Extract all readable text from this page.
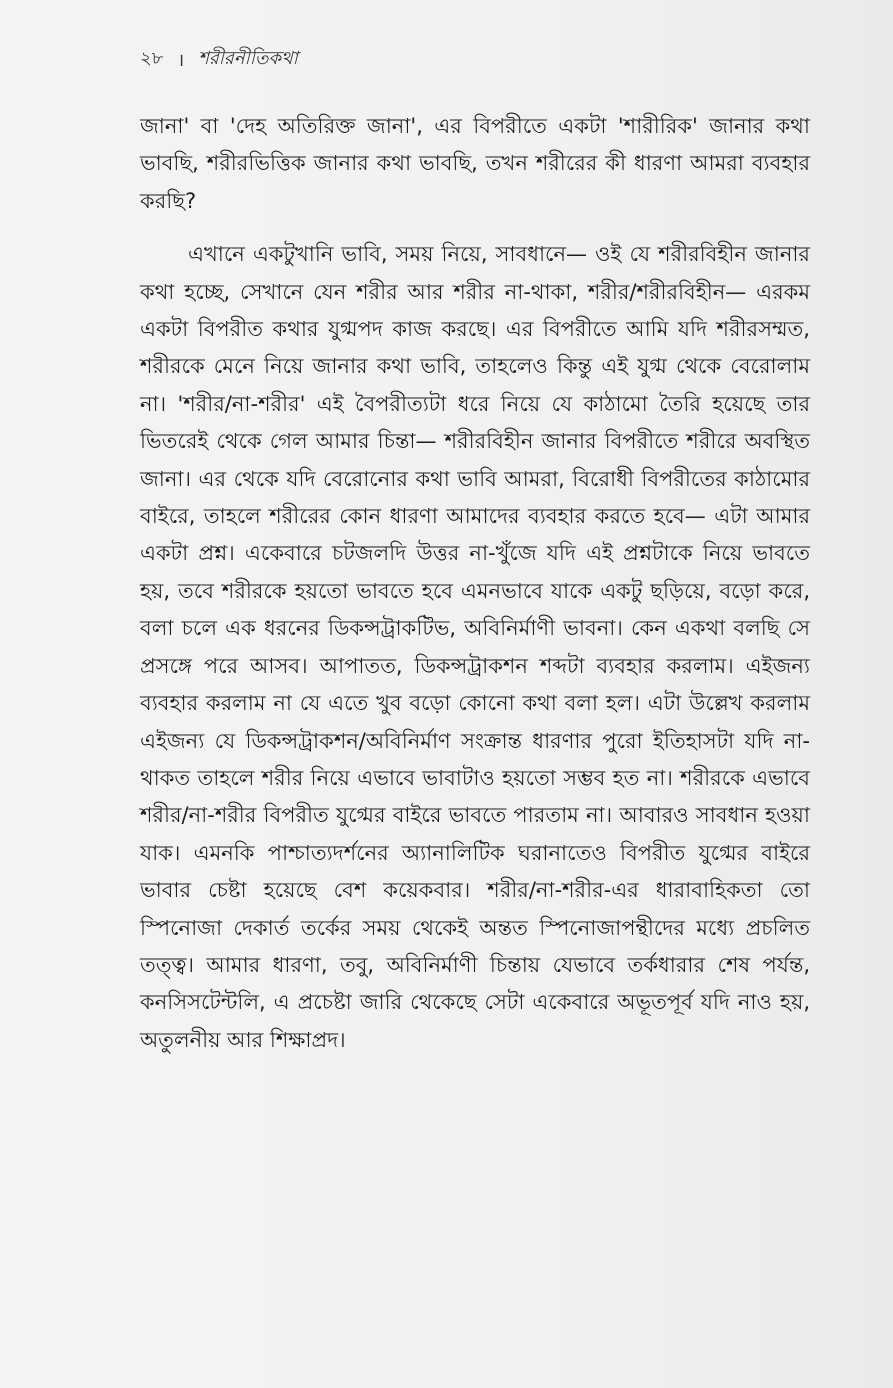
২৮ । শরীরনীতিকথা

জানা' বা 'দেহ অতিরিক্ত জানা', এর বিপরীতে একটা 'শারীরিক' জানার কথা ভাবছি, শরীরভিত্তিক জানার কথা ভাবছি, তখন শরীরের কী ধারণা আমরা ব্যবহার করছি?

এখানে একটুখানি ভাবি, সময় নিয়ে, সাবধানে— ওই যে শরীরবিহীন জানার কথা হচ্ছে, সেখানে যেন শরীর আর শরীর না-থাকা, শরীর/শরীরবিহীন— এরকম একটা বিপরীত কথার যুগ্মপদ কাজ করছে। এর বিপরীতে আমি যদি শরীরসম্মত, শরীরকে মেনে নিয়ে জানার কথা ভাবি, তাহলেও কিন্তু এই যুগ্ম থেকে বেরোলাম না। 'শরীর/না-শরীর' এই বৈপরীত্যটা ধরে নিয়ে যে কাঠামো তৈরি হয়েছে তার ভিতরেই থেকে গেল আমার চিন্তা— শরীরবিহীন জানার বিপরীতে শরীরে অবস্থিত জানা। এর থেকে যদি বেরোনোর কথা ভাবি আমরা, বিরোধী বিপরীতের কাঠামোর বাইরে, তাহলে শরীরের কোন ধারণা আমাদের ব্যবহার করতে হবে— এটা আমার একটা প্রশ্ন। একেবারে চটজলদি উত্তর না-খুঁজে যদি এই প্রশ্নটাকে নিয়ে ভাবতে হয়, তবে শরীরকে হয়তো ভাবতে হবে এমনভাবে যাকে একটু ছড়িয়ে, বড়ো করে, বলা চলে এক ধরনের ডিকন্সট্রাকটিভ, অবিনির্মাণী ভাবনা। কেন একথা বলছি সে প্রসঙ্গে পরে আসব। আপাতত, ডিকন্সট্রাকশন শব্দটা ব্যবহার করলাম। এইজন্য ব্যবহার করলাম না যে এতে খুব বড়ো কোনো কথা বলা হল। এটা উল্লেখ করলাম এইজন্য যে ডিকন্সট্রাকশন/অবিনির্মাণ সংক্রান্ত ধারণার পুরো ইতিহাসটা যদি না-থাকত তাহলে শরীর নিয়ে এভাবে ভাবাটাও হয়তো সম্ভব হত না। শরীরকে এভাবে শরীর/না-শরীর বিপরীত যুগ্মের বাইরে ভাবতে পারতাম না। আবারও সাবধান হওয়া যাক। এমনকি পাশ্চাত্যদর্শনের অ্যানালিটিক ঘরানাতেও বিপরীত যুগ্মের বাইরে ভাবার চেষ্টা হয়েছে বেশ কয়েকবার। শরীর/না-শরীর-এর ধারাবাহিকতা তো স্পিনোজা দেকার্ত তর্কের সময় থেকেই অন্তত স্পিনোজাপন্থীদের মধ্যে প্রচলিত তত্ত্ব। আমার ধারণা, তবু, অবিনির্মাণী চিন্তায় যেভাবে তর্কধারার শেষ পর্যন্ত, কনসিসটেন্টলি, এ প্রচেষ্টা জারি থেকেছে সেটা একেবারে অভূতপূর্ব যদি নাও হয়, অতুলনীয় আর শিক্ষাপ্রদ।
